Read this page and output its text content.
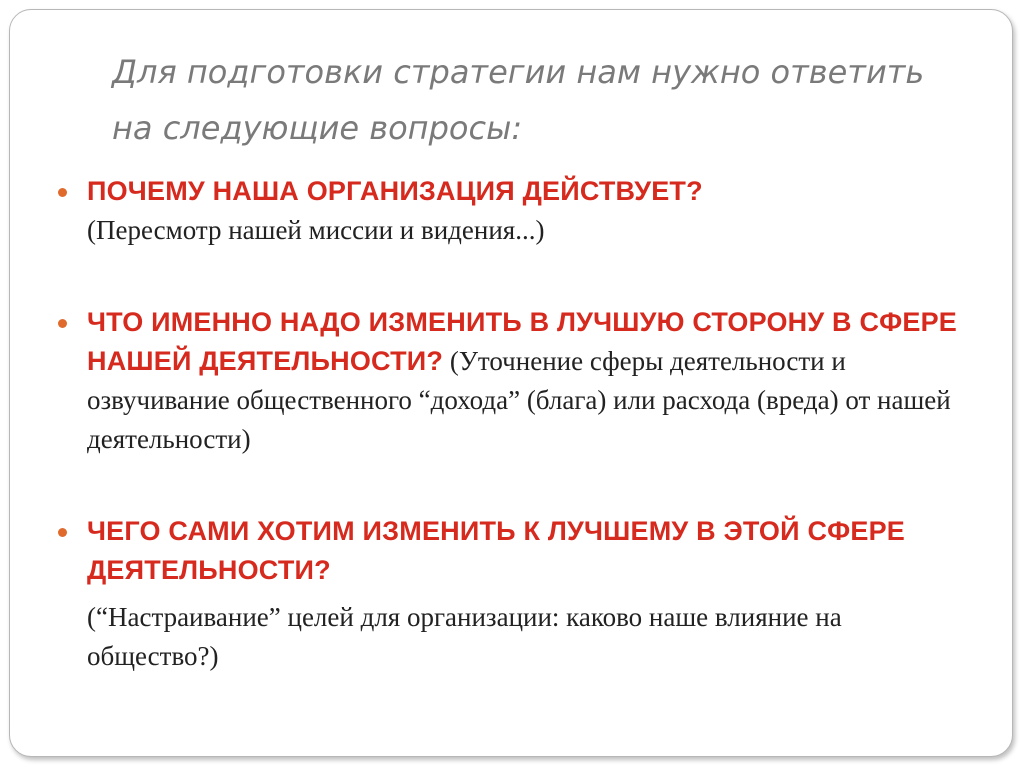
Для подготовки стратегии нам нужно ответить на следующие вопросы:
ПОЧЕМУ НАША ОРГАНИЗАЦИЯ ДЕЙСТВУЕТ?
(Пересмотр нашей миссии и видения...)
ЧТО ИМЕННО НАДО ИЗМЕНИТЬ В ЛУЧШУЮ СТОРОНУ В СФЕРЕ НАШЕЙ ДЕЯТЕЛЬНОСТИ? (Уточнение сферы деятельности и озвучивание общественного “дохода” (блага) или расхода (вреда) от нашей деятельности)
ЧЕГО САМИ ХОТИМ ИЗМЕНИТЬ К ЛУЧШЕМУ В ЭТОЙ СФЕРЕ ДЕЯТЕЛЬНОСТИ?
(“Настраивание” целей для организации: каково наше влияние на общество?)
